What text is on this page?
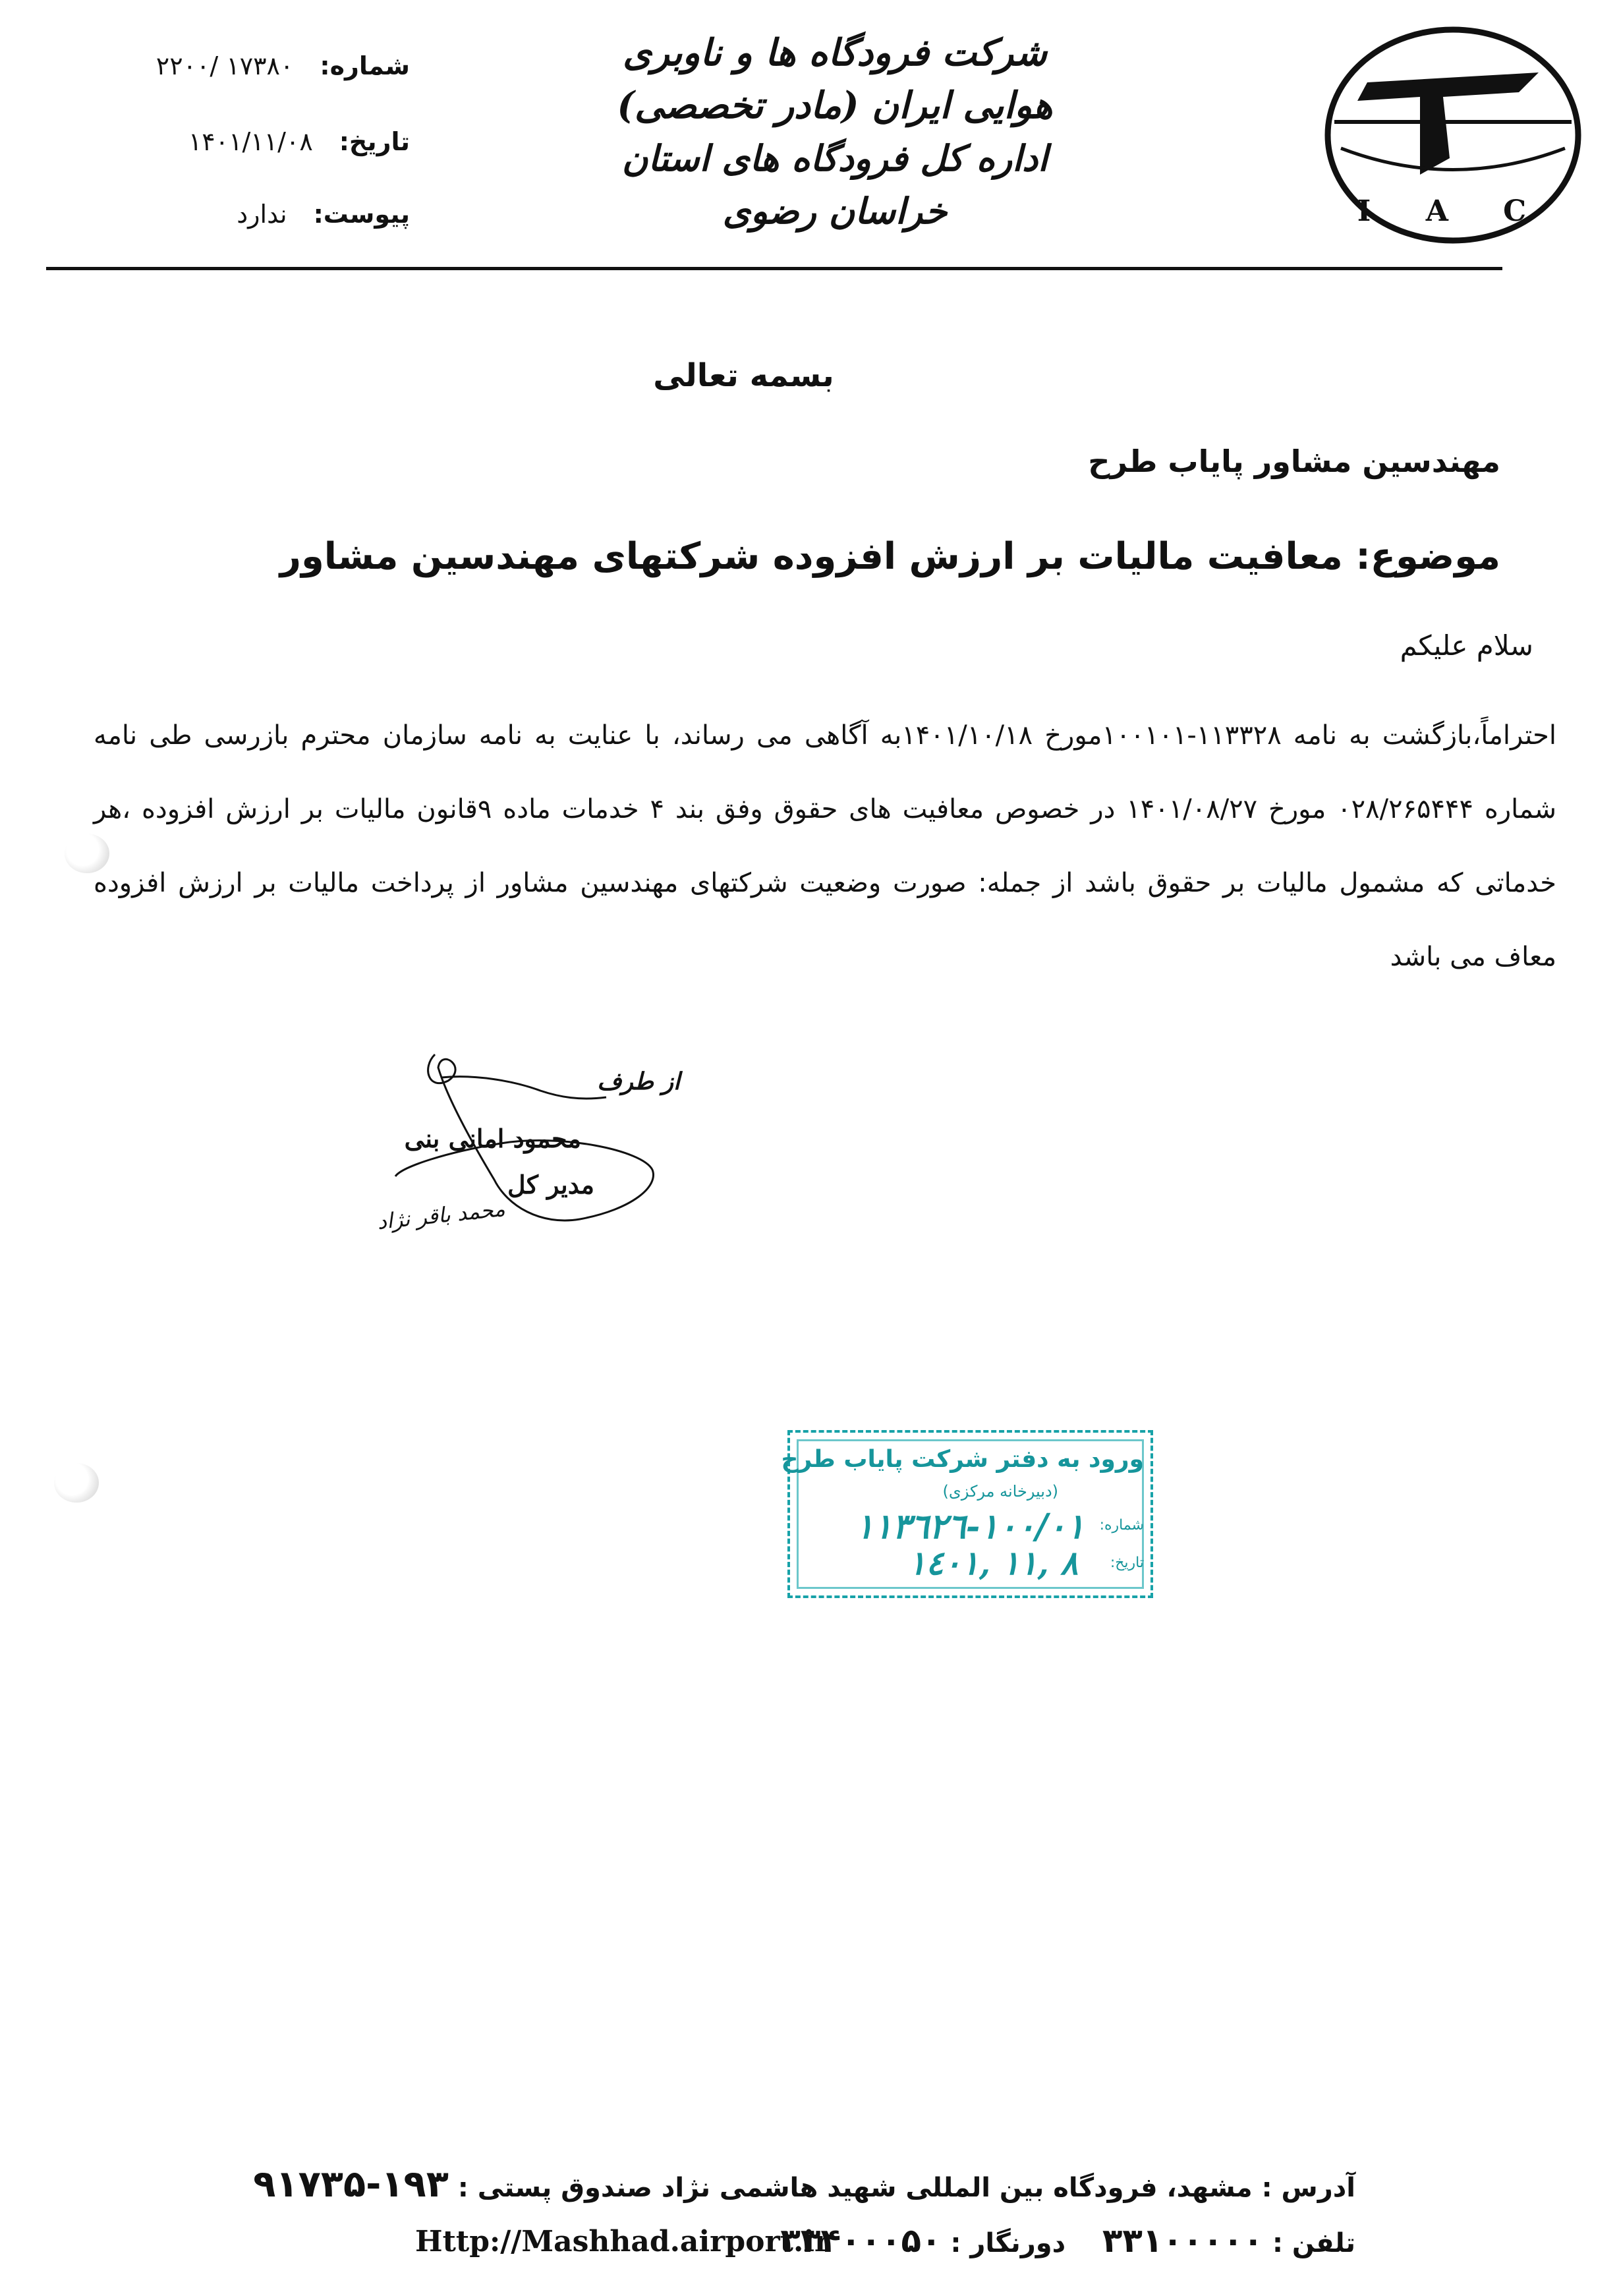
I A C
شرکت فرودگاه ها و ناوبری هوایی ایران (مادر تخصصی)
اداره کل فرودگاه های استان خراسان رضوی
شماره:
۱۷۳۸۰ /۲۲۰۰
تاریخ:
۱۴۰۱/۱۱/۰۸
پیوست:
ندارد
بسمه تعالی
مهندسین مشاور پایاب طرح
موضوع: معافیت مالیات بر ارزش افزوده شرکتهای مهندسین مشاور
سلام علیکم
احتراماً،بازگشت به نامه ۱۱۳۳۲۸-۱۰۰۱۰۱مورخ ۱۴۰۱/۱۰/۱۸به آگاهی می رساند، با عنایت به نامه سازمان محترم بازرسی طی نامه شماره ۰۲۸/۲۶۵۴۴۴ مورخ ۱۴۰۱/۰۸/۲۷ در خصوص معافیت های حقوق وفق بند ۴ خدمات ماده ۹قانون مالیات بر ارزش افزوده ،هر خدماتی که مشمول مالیات بر حقوق باشد از جمله: صورت وضعیت شرکتهای مهندسین مشاور از پرداخت مالیات بر ارزش افزوده معاف می باشد
از طرف
محمود امانی بنی
مدیر کل
محمد باقر نژاد
ورود به دفتر شرکت پایاب طرح
(دبیرخانه مرکزی)
شماره:
١٠٠/٠١-١١٣٦٢٦
تاریخ:
٨ ,١١ ,١٤٠١
آدرس : مشهد، فرودگاه بین المللی شهید هاشمی نژاد صندوق پستی : ۱۹۳-۹۱۷۳۵
تلفن : ۳۳۱۰۰۰۰۰    دورنگار : ۳۳۴۰۰۰۵۰
Http://Mashhad.airport.ir
